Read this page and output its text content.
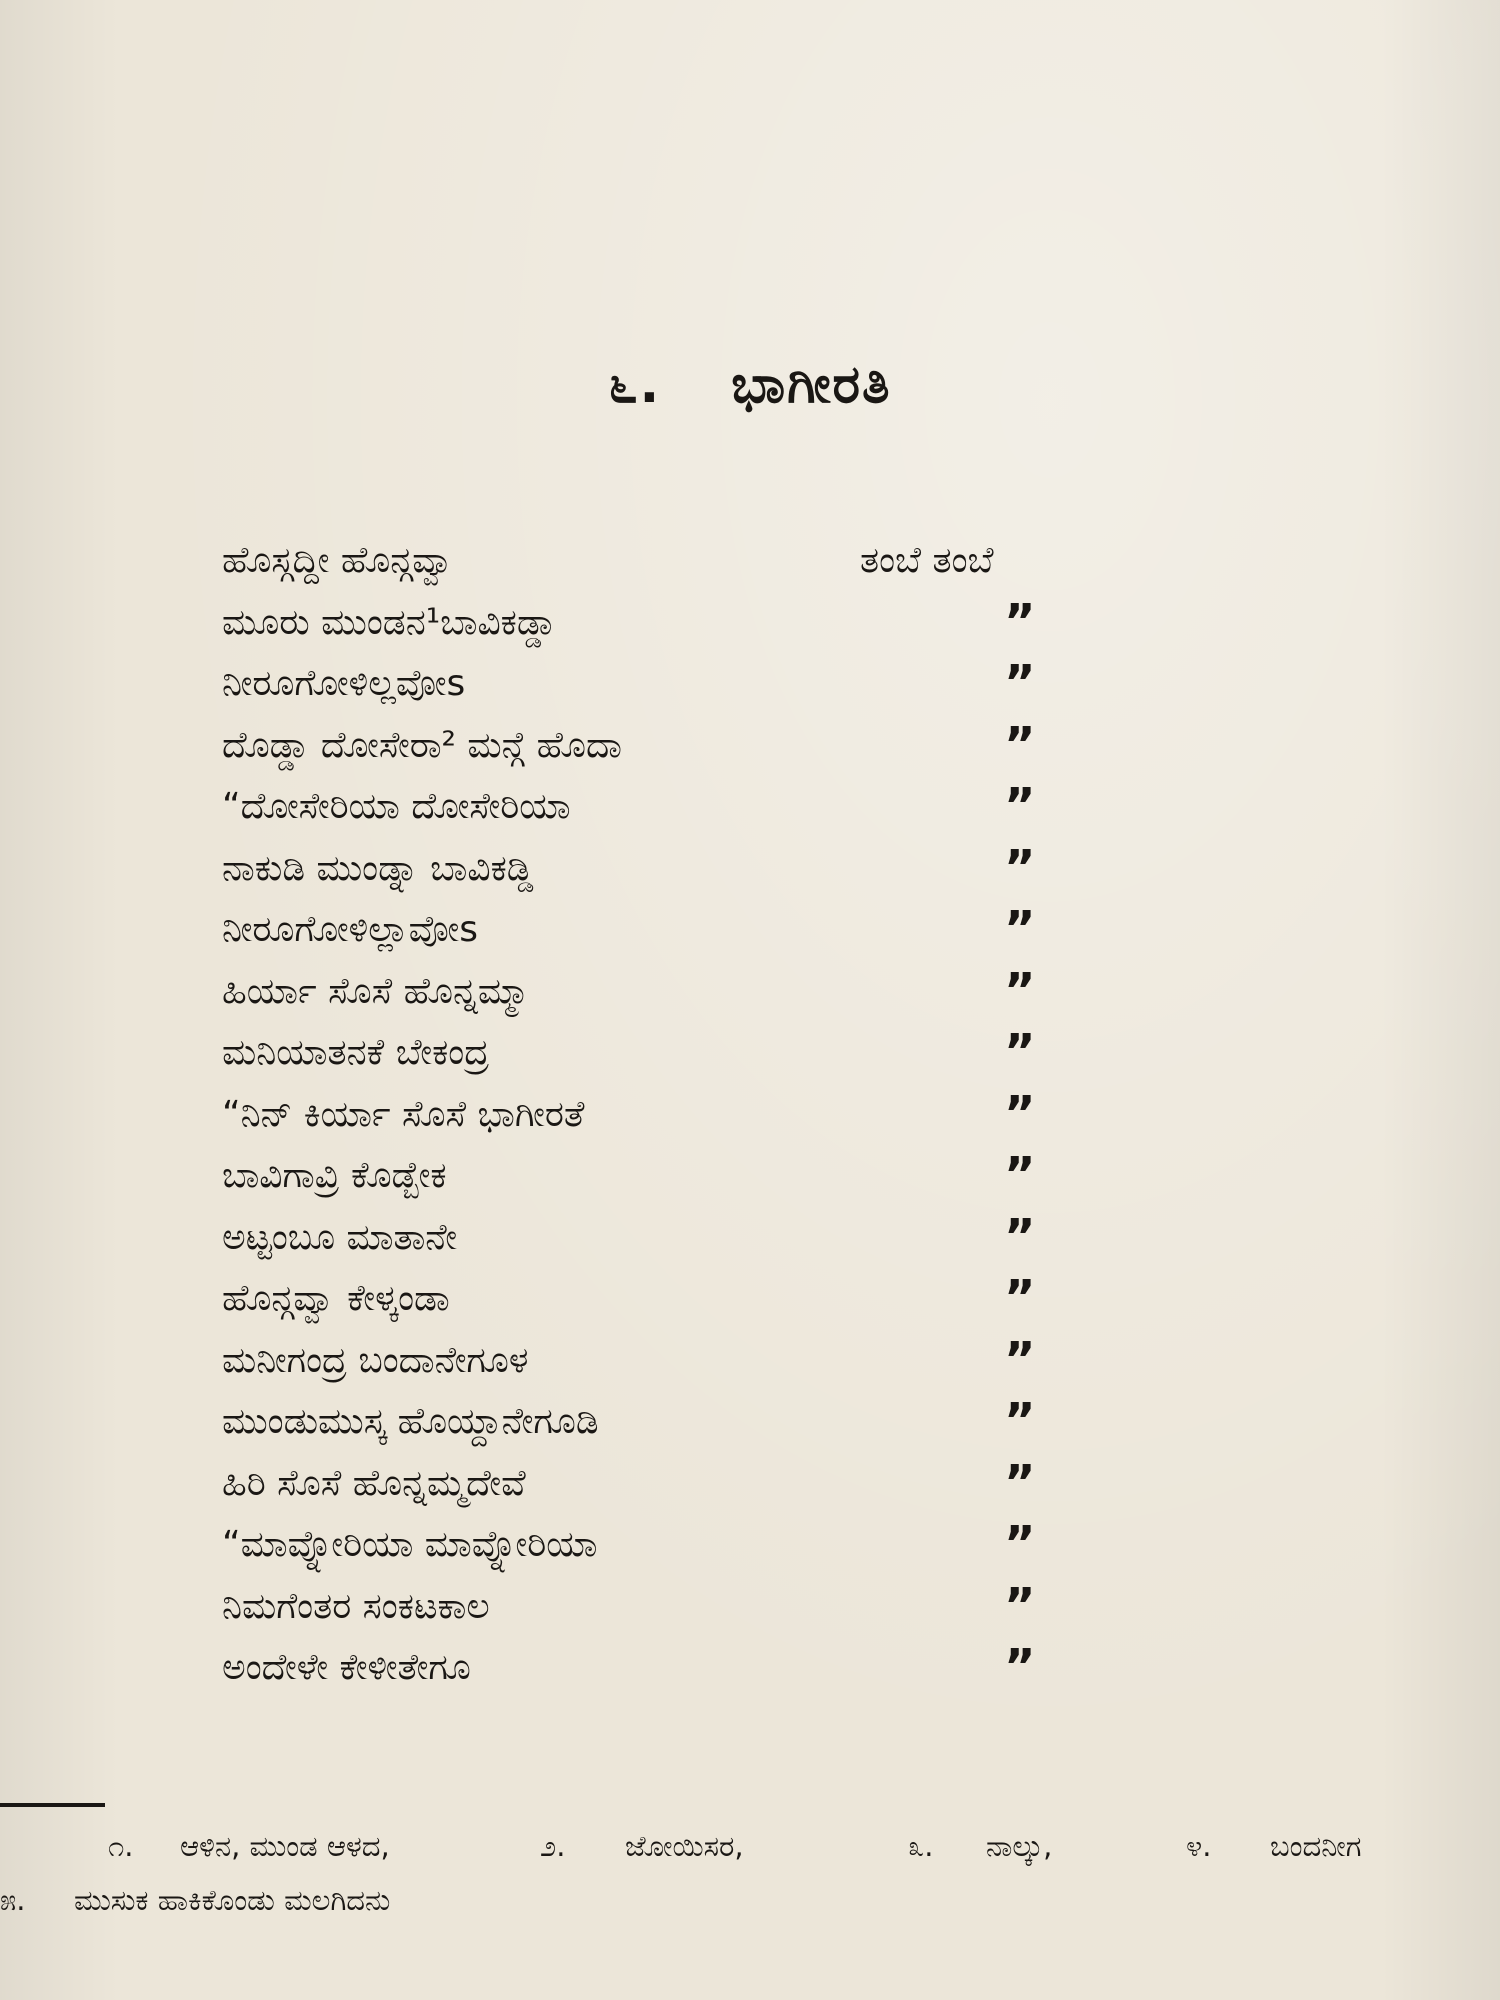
೬. ಭಾಗೀರತಿ
ಹೊಸ್ಗದ್ದೀ ಹೊನ್ಗವ್ವಾ	ತಂಬೆ ತಂಬೆ
ಮೂರು ಮುಂಡನ¹ಬಾವಿಕಡ್ಡಾ	”
ನೀರೂಗೋಳಿಲ್ಲವೋs	”
ದೊಡ್ಡಾ ದೋಸೇರಾ² ಮನ್ಗೆ ಹೊದಾ	”
“ದೋಸೇರಿಯಾ ದೋಸೇರಿಯಾ	”
ನಾಕುಡಿ ಮುಂಡ್ನಾ ಬಾವಿಕಡ್ಡಿ	”
ನೀರೂಗೋಳಿಲ್ಲಾವೋs	”
ಹಿರ್ಯಾ ಸೊಸೆ ಹೊನ್ನಮ್ಮಾ	”
ಮನಿಯಾತನಕೆ ಬೇಕಂದ್ರ	”
“ನಿನ್ ಕಿರ್ಯಾ ಸೊಸೆ ಭಾಗೀರತೆ	”
ಬಾವಿಗಾವ್ರಿ ಕೊಡ್ಬೇಕ	”
ಅಟ್ಟಂಬೂ ಮಾತಾನೇ	”
ಹೊನ್ಗವ್ವಾ ಕೇಳ್ಕಂಡಾ	”
ಮನೀಗಂದ್ರ ಬಂದಾನೇಗೂಳ	”
ಮುಂಡುಮುಸ್ಕ ಹೊಯ್ದಾನೇಗೂಡಿ	”
ಹಿರಿ ಸೊಸೆ ಹೊನ್ನಮ್ಮದೇವೆ	”
“ಮಾವ್ನೋರಿಯಾ ಮಾವ್ನೋರಿಯಾ	”
ನಿಮಗೆಂತರ ಸಂಕಟಕಾಲ	”
ಅಂದೇಳೇ ಕೇಳೀತೇಗೂ	”
೧. ಆಳಿನ, ಮುಂಡ ಆಳದ,	೨. ಜೋಯಿಸರ,	೩. ನಾಲ್ಕು,	೪. ಬಂದನೀಗ
೫. ಮುಸುಕ ಹಾಕಿಕೊಂಡು ಮಲಗಿದನು
